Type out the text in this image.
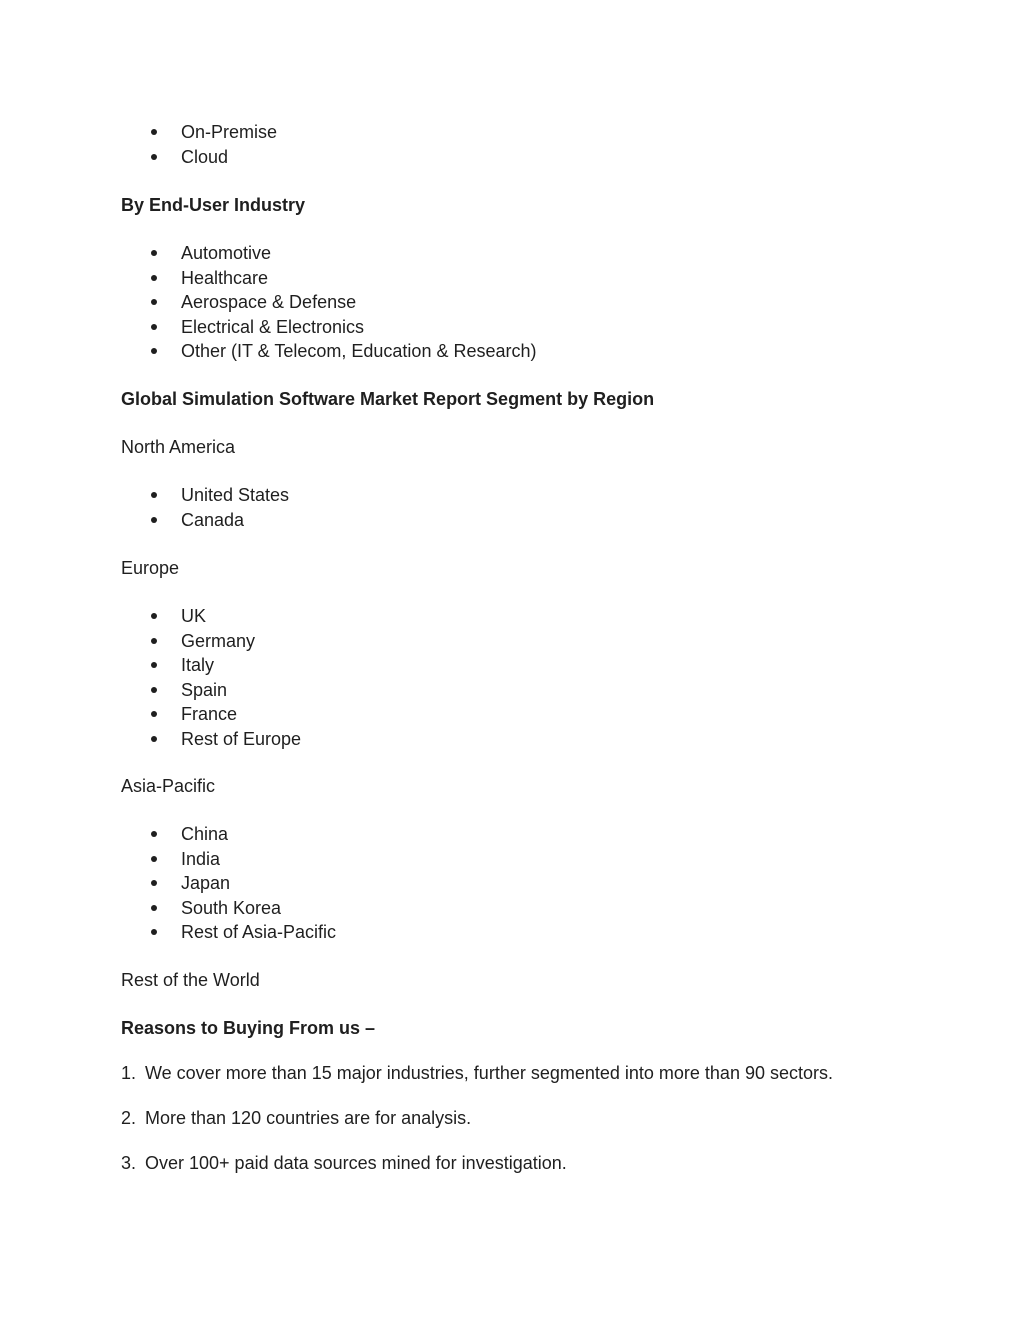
On-Premise
Cloud

By End-User Industry

Automotive
Healthcare
Aerospace & Defense
Electrical & Electronics
Other (IT & Telecom, Education & Research)

Global Simulation Software Market Report Segment by Region

North America

United States
Canada

Europe

UK
Germany
Italy
Spain
France
Rest of Europe

Asia-Pacific

China
India
Japan
South Korea
Rest of Asia-Pacific

Rest of the World

Reasons to Buying From us –

1. We cover more than 15 major industries, further segmented into more than 90 sectors.

2. More than 120 countries are for analysis.

3. Over 100+ paid data sources mined for investigation.
